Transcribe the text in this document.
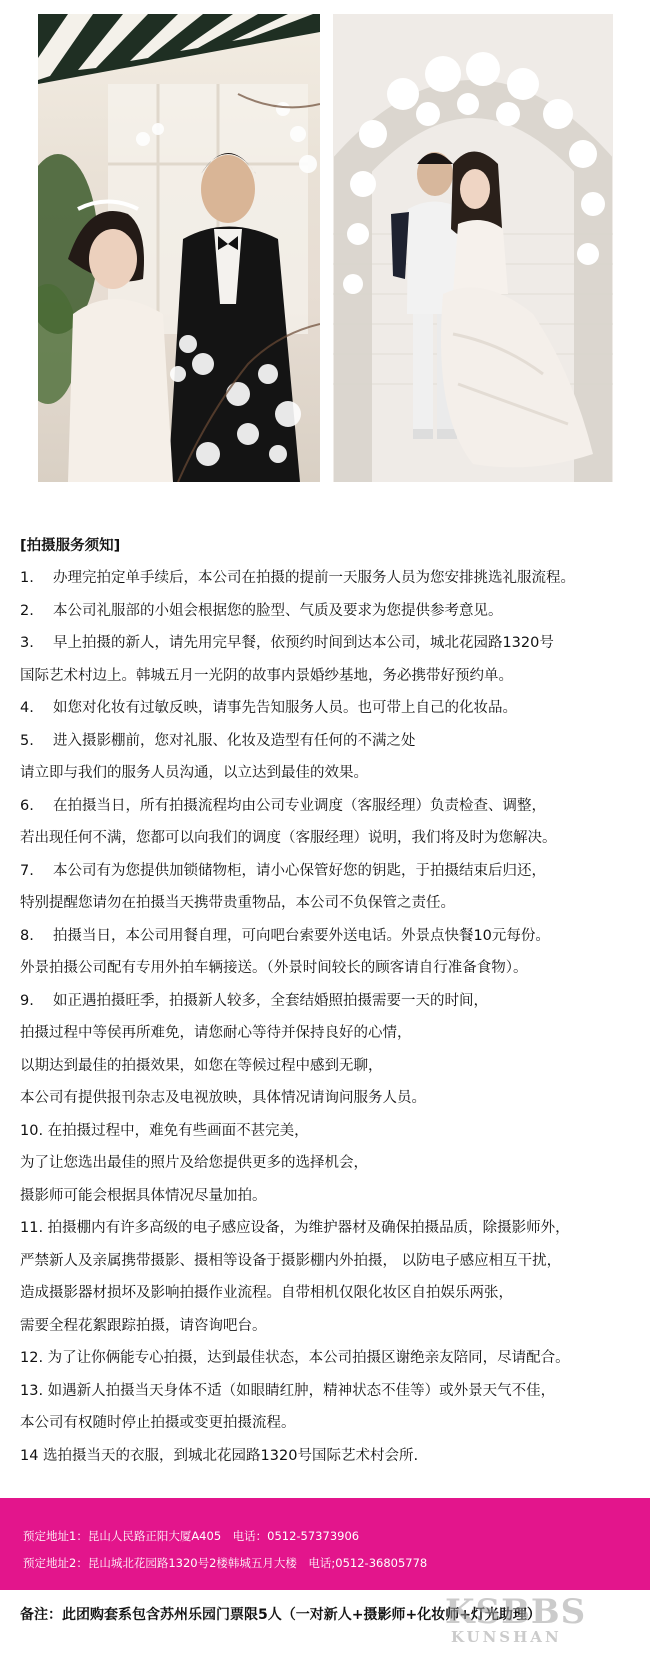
[拍摄服务须知]
1.　 办理完拍定单手续后，本公司在拍摄的提前一天服务人员为您安排挑选礼服流程。
2.　 本公司礼服部的小姐会根据您的脸型、气质及要求为您提供参考意见。
3.　 早上拍摄的新人，请先用完早餐，依预约时间到达本公司，城北花园路1320号
国际艺术村边上。韩城五月一光阴的故事内景婚纱基地，务必携带好预约单。
4.　 如您对化妆有过敏反映，请事先告知服务人员。也可带上自己的化妆品。
5.　 进入摄影棚前，您对礼服、化妆及造型有任何的不满之处
请立即与我们的服务人员沟通，以立达到最佳的效果。
6.　 在拍摄当日，所有拍摄流程均由公司专业调度（客服经理）负责检查、调整，
若出现任何不满，您都可以向我们的调度（客服经理）说明，我们将及时为您解决。
7.　 本公司有为您提供加锁储物柜，请小心保管好您的钥匙，于拍摄结束后归还，
特别提醒您请勿在拍摄当天携带贵重物品，本公司不负保管之责任。
8.　 拍摄当日，本公司用餐自理，可向吧台索要外送电话。外景点快餐10元每份。
外景拍摄公司配有专用外拍车辆接送。（外景时间较长的顾客请自行准备食物）。
9.　 如正遇拍摄旺季，拍摄新人较多，全套结婚照拍摄需要一天的时间，
拍摄过程中等侯再所难免，请您耐心等待并保持良好的心情，
以期达到最佳的拍摄效果，如您在等候过程中感到无聊，
本公司有提供报刊杂志及电视放映，具体情况请询问服务人员。
10. 在拍摄过程中，难免有些画面不甚完美，
为了让您选出最佳的照片及给您提供更多的选择机会，
摄影师可能会根据具体情况尽量加拍。
11. 拍摄棚内有许多高级的电子感应设备，为维护器材及确保拍摄品质，除摄影师外，
严禁新人及亲属携带摄影、摄相等设备于摄影棚内外拍摄， 以防电子感应相互干扰，
造成摄影器材损坏及影响拍摄作业流程。自带相机仅限化妆区自拍娱乐两张，
需要全程花絮跟踪拍摄，请咨询吧台。
12. 为了让你俩能专心拍摄，达到最佳状态，本公司拍摄区谢绝亲友陪同，尽请配合。
13. 如遇新人拍摄当天身体不适（如眼睛红肿，精神状态不佳等）或外景天气不佳，
本公司有权随时停止拍摄或变更拍摄流程。
14 选拍摄当天的衣服，到城北花园路1320号国际艺术村会所.
预定地址1：昆山人民路正阳大厦A405　电话：0512-57373906
预定地址2：昆山城北花园路1320号2楼韩城五月大楼　电话;0512-36805778
备注：此团购套系包含苏州乐园门票限5人（一对新人+摄影师+化妆师+灯光助理）
KSBBS
KUNSHAN
